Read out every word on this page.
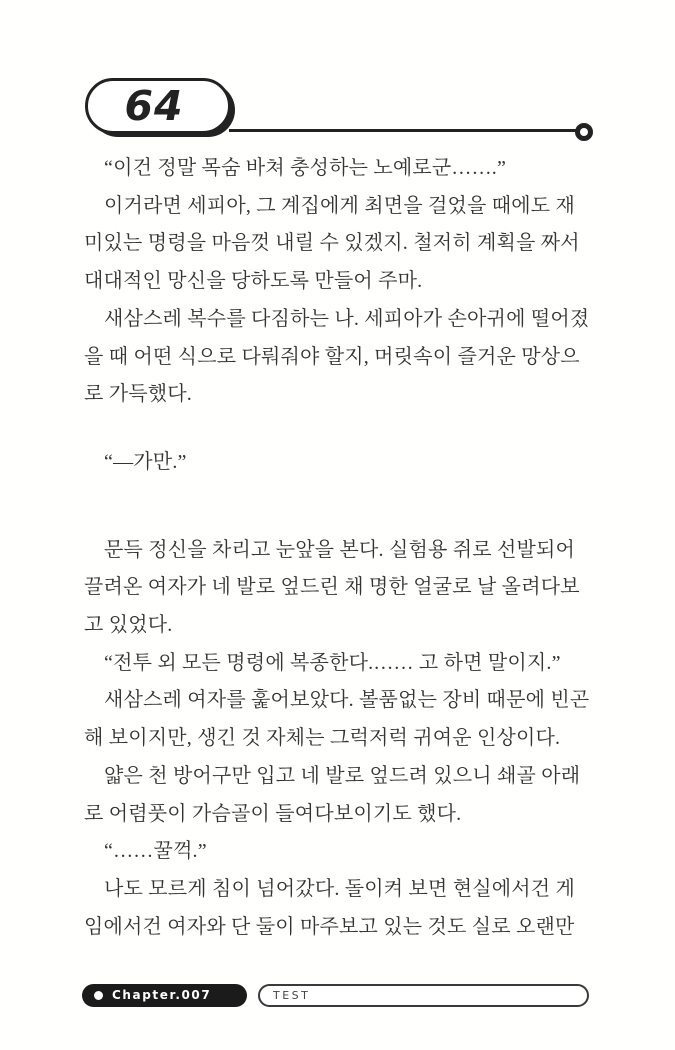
64
“이건 정말 목숨 바쳐 충성하는 노예로군…….”
이거라면 세피아, 그 계집에게 최면을 걸었을 때에도 재
미있는 명령을 마음껏 내릴 수 있겠지. 철저히 계획을 짜서
대대적인 망신을 당하도록 만들어 주마.
새삼스레 복수를 다짐하는 나. 세피아가 손아귀에 떨어졌
을 때 어떤 식으로 다뤄줘야 할지, 머릿속이 즐거운 망상으
로 가득했다.
“―가만.”
문득 정신을 차리고 눈앞을 본다. 실험용 쥐로 선발되어
끌려온 여자가 네 발로 엎드린 채 명한 얼굴로 날 올려다보
고 있었다.
“전투 외 모든 명령에 복종한다.…… 고 하면 말이지.”
새삼스레 여자를 훑어보았다. 볼품없는 장비 때문에 빈곤
해 보이지만, 생긴 것 자체는 그럭저럭 귀여운 인상이다.
얇은 천 방어구만 입고 네 발로 엎드려 있으니 쇄골 아래
로 어렴풋이 가슴골이 들여다보이기도 했다.
“……꿀꺽.”
나도 모르게 침이 넘어갔다. 돌이켜 보면 현실에서건 게
임에서건 여자와 단 둘이 마주보고 있는 것도 실로 오랜만
Chapter.007	TEST
